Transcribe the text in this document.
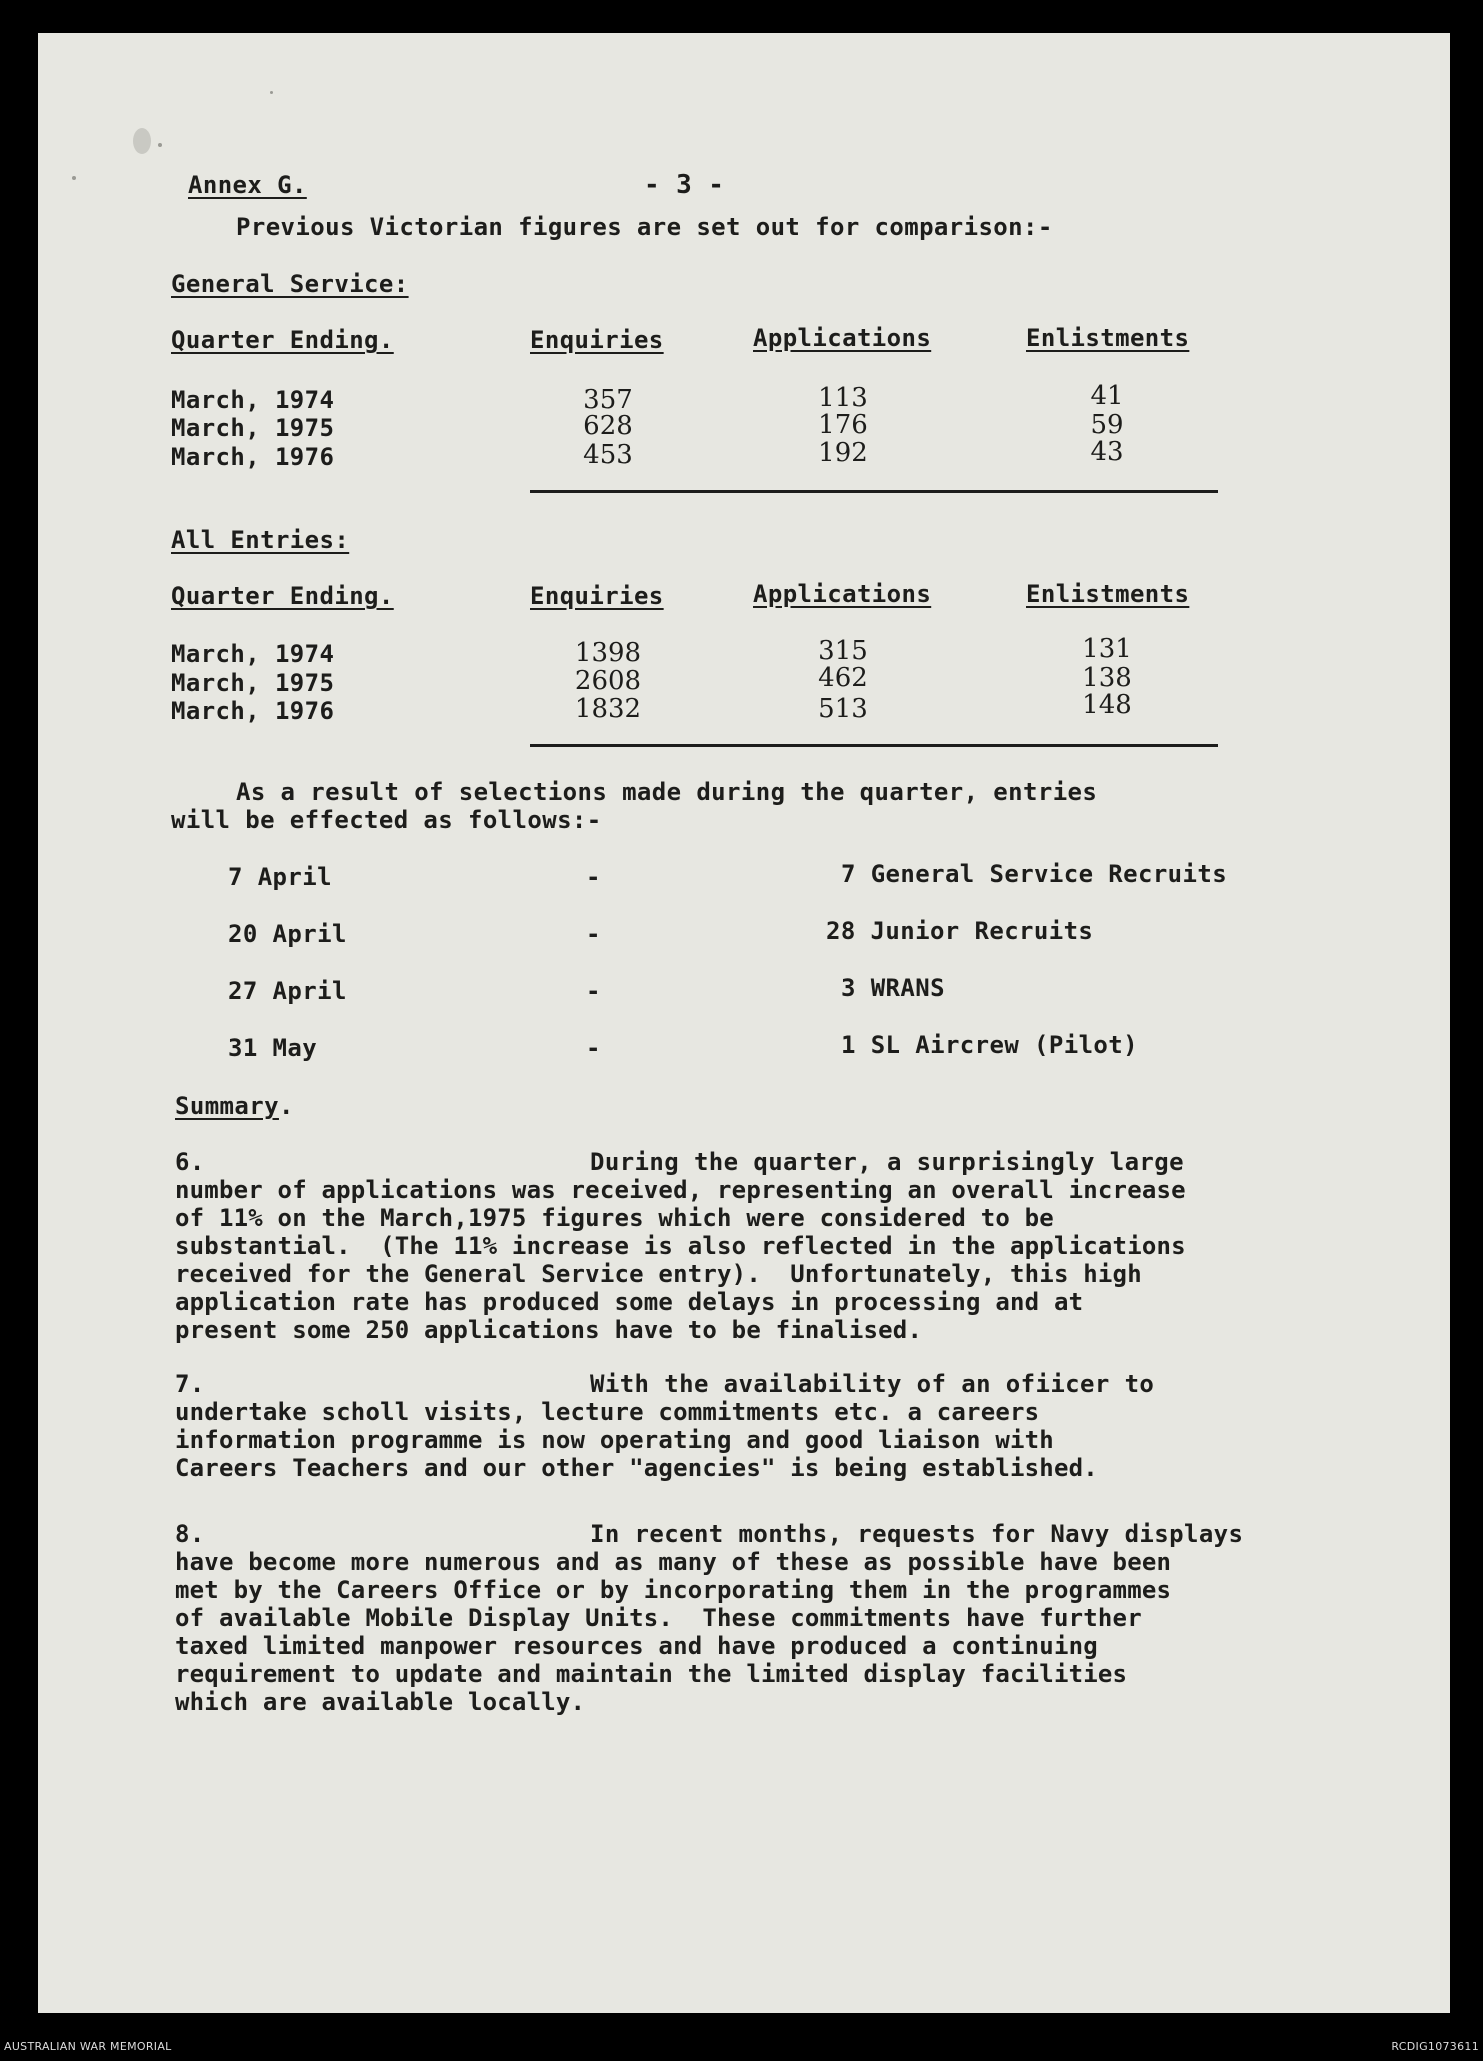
Annex G.	- 3 -
Previous Victorian figures are set out for comparison:-
General Service:
Quarter Ending.	Enquiries	Applications	Enlistments
March, 1974	357	113	41
March, 1975	628	176	59
March, 1976	453	192	43
All Entries:
Quarter Ending.	Enquiries	Applications	Enlistments
March, 1974	1398	315	131
March, 1975	2608	462	138
March, 1976	1832	513	148
As a result of selections made during the quarter, entries
will be effected as follows:-
7 April	-	7 General Service Recruits
20 April	-	28 Junior Recruits
27 April	-	3 WRANS
31 May	-	1 SL Aircrew (Pilot)
Summary.
6.	During the quarter, a surprisingly large
number of applications was received, representing an overall increase
of 11% on the March,1975 figures which were considered to be
substantial.  (The 11% increase is also reflected in the applications
received for the General Service entry).  Unfortunately, this high
application rate has produced some delays in processing and at
present some 250 applications have to be finalised.
7.	With the availability of an ofiicer to
undertake scholl visits, lecture commitments etc. a careers
information programme is now operating and good liaison with
Careers Teachers and our other "agencies" is being established.
8.	In recent months, requests for Navy displays
have become more numerous and as many of these as possible have been
met by the Careers Office or by incorporating them in the programmes
of available Mobile Display Units.  These commitments have further
taxed limited manpower resources and have produced a continuing
requirement to update and maintain the limited display facilities
which are available locally.
AUSTRALIAN WAR MEMORIAL	RCDIG1073611
